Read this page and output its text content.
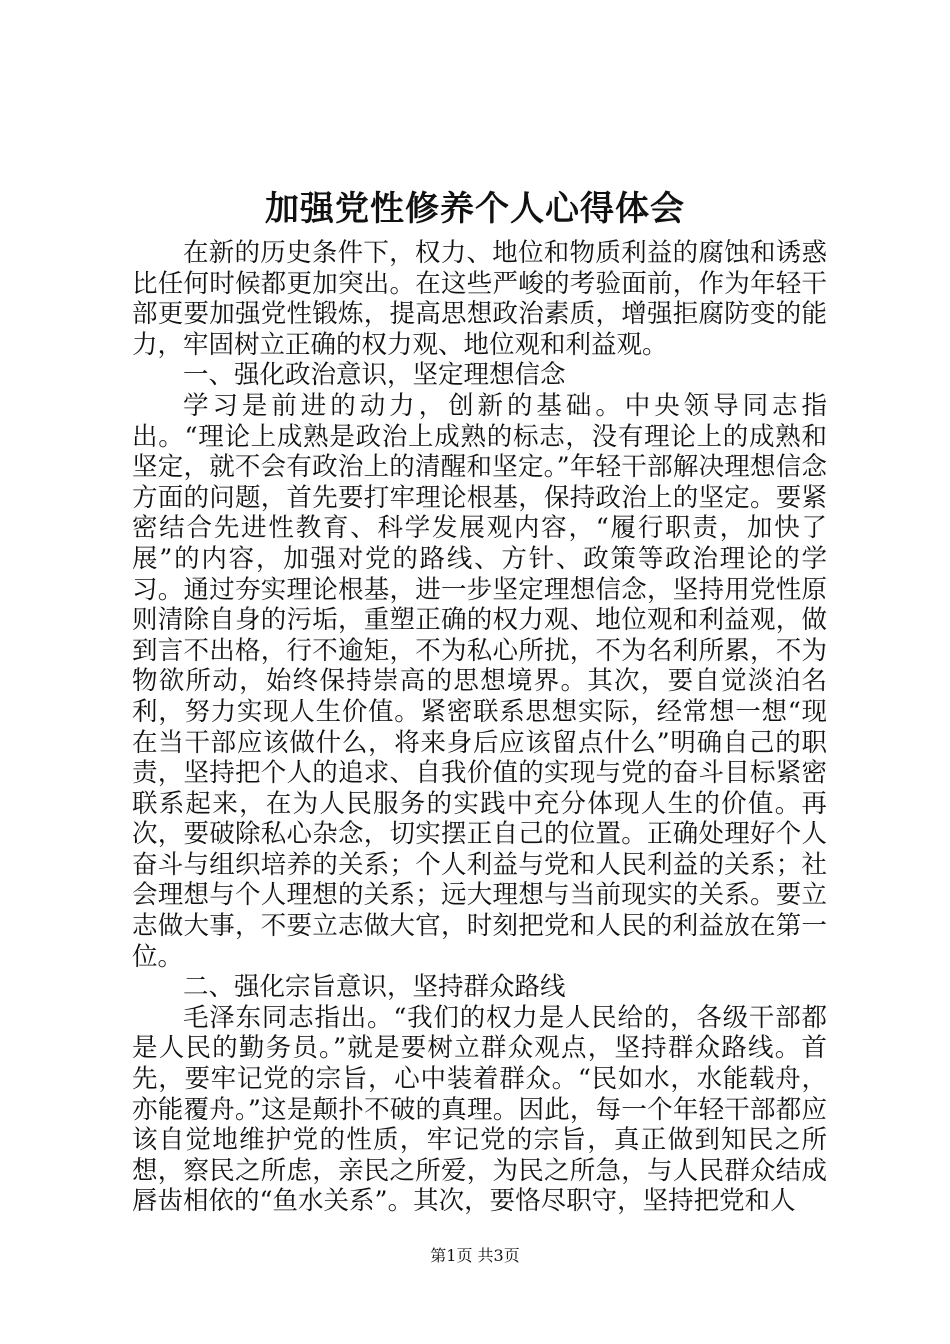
加强党性修养个人心得体会

在新的历史条件下，权力、地位和物质利益的腐蚀和诱惑比任何时候都更加突出。在这些严峻的考验面前，作为年轻干部更要加强党性锻炼，提高思想政治素质，增强拒腐防变的能力，牢固树立正确的权力观、地位观和利益观。

一、强化政治意识，坚定理想信念

学习是前进的动力，创新的基础。中央领导同志指出。“理论上成熟是政治上成熟的标志，没有理论上的成熟和坚定，就不会有政治上的清醒和坚定。”年轻干部解决理想信念方面的问题，首先要打牢理论根基，保持政治上的坚定。要紧密结合先进性教育、科学发展观内容，“履行职责，加快了展”的内容，加强对党的路线、方针、政策等政治理论的学习。通过夯实理论根基，进一步坚定理想信念，坚持用党性原则清除自身的污垢，重塑正确的权力观、地位观和利益观，做到言不出格，行不逾矩，不为私心所扰，不为名利所累，不为物欲所动，始终保持崇高的思想境界。其次，要自觉淡泊名利，努力实现人生价值。紧密联系思想实际，经常想一想“现在当干部应该做什么，将来身后应该留点什么”明确自己的职责，坚持把个人的追求、自我价值的实现与党的奋斗目标紧密联系起来，在为人民服务的实践中充分体现人生的价值。再次，要破除私心杂念，切实摆正自己的位置。正确处理好个人奋斗与组织培养的关系；个人利益与党和人民利益的关系；社会理想与个人理想的关系；远大理想与当前现实的关系。要立志做大事，不要立志做大官，时刻把党和人民的利益放在第一位。

二、强化宗旨意识，坚持群众路线

毛泽东同志指出。“我们的权力是人民给的，各级干部都是人民的勤务员。”就是要树立群众观点，坚持群众路线。首先，要牢记党的宗旨，心中装着群众。“民如水，水能载舟，亦能覆舟。”这是颠扑不破的真理。因此，每一个年轻干部都应该自觉地维护党的性质，牢记党的宗旨，真正做到知民之所想，察民之所虑，亲民之所爱，为民之所急，与人民群众结成唇齿相依的“鱼水关系”。其次，要恪尽职守，坚持把党和人

第1页 共3页
